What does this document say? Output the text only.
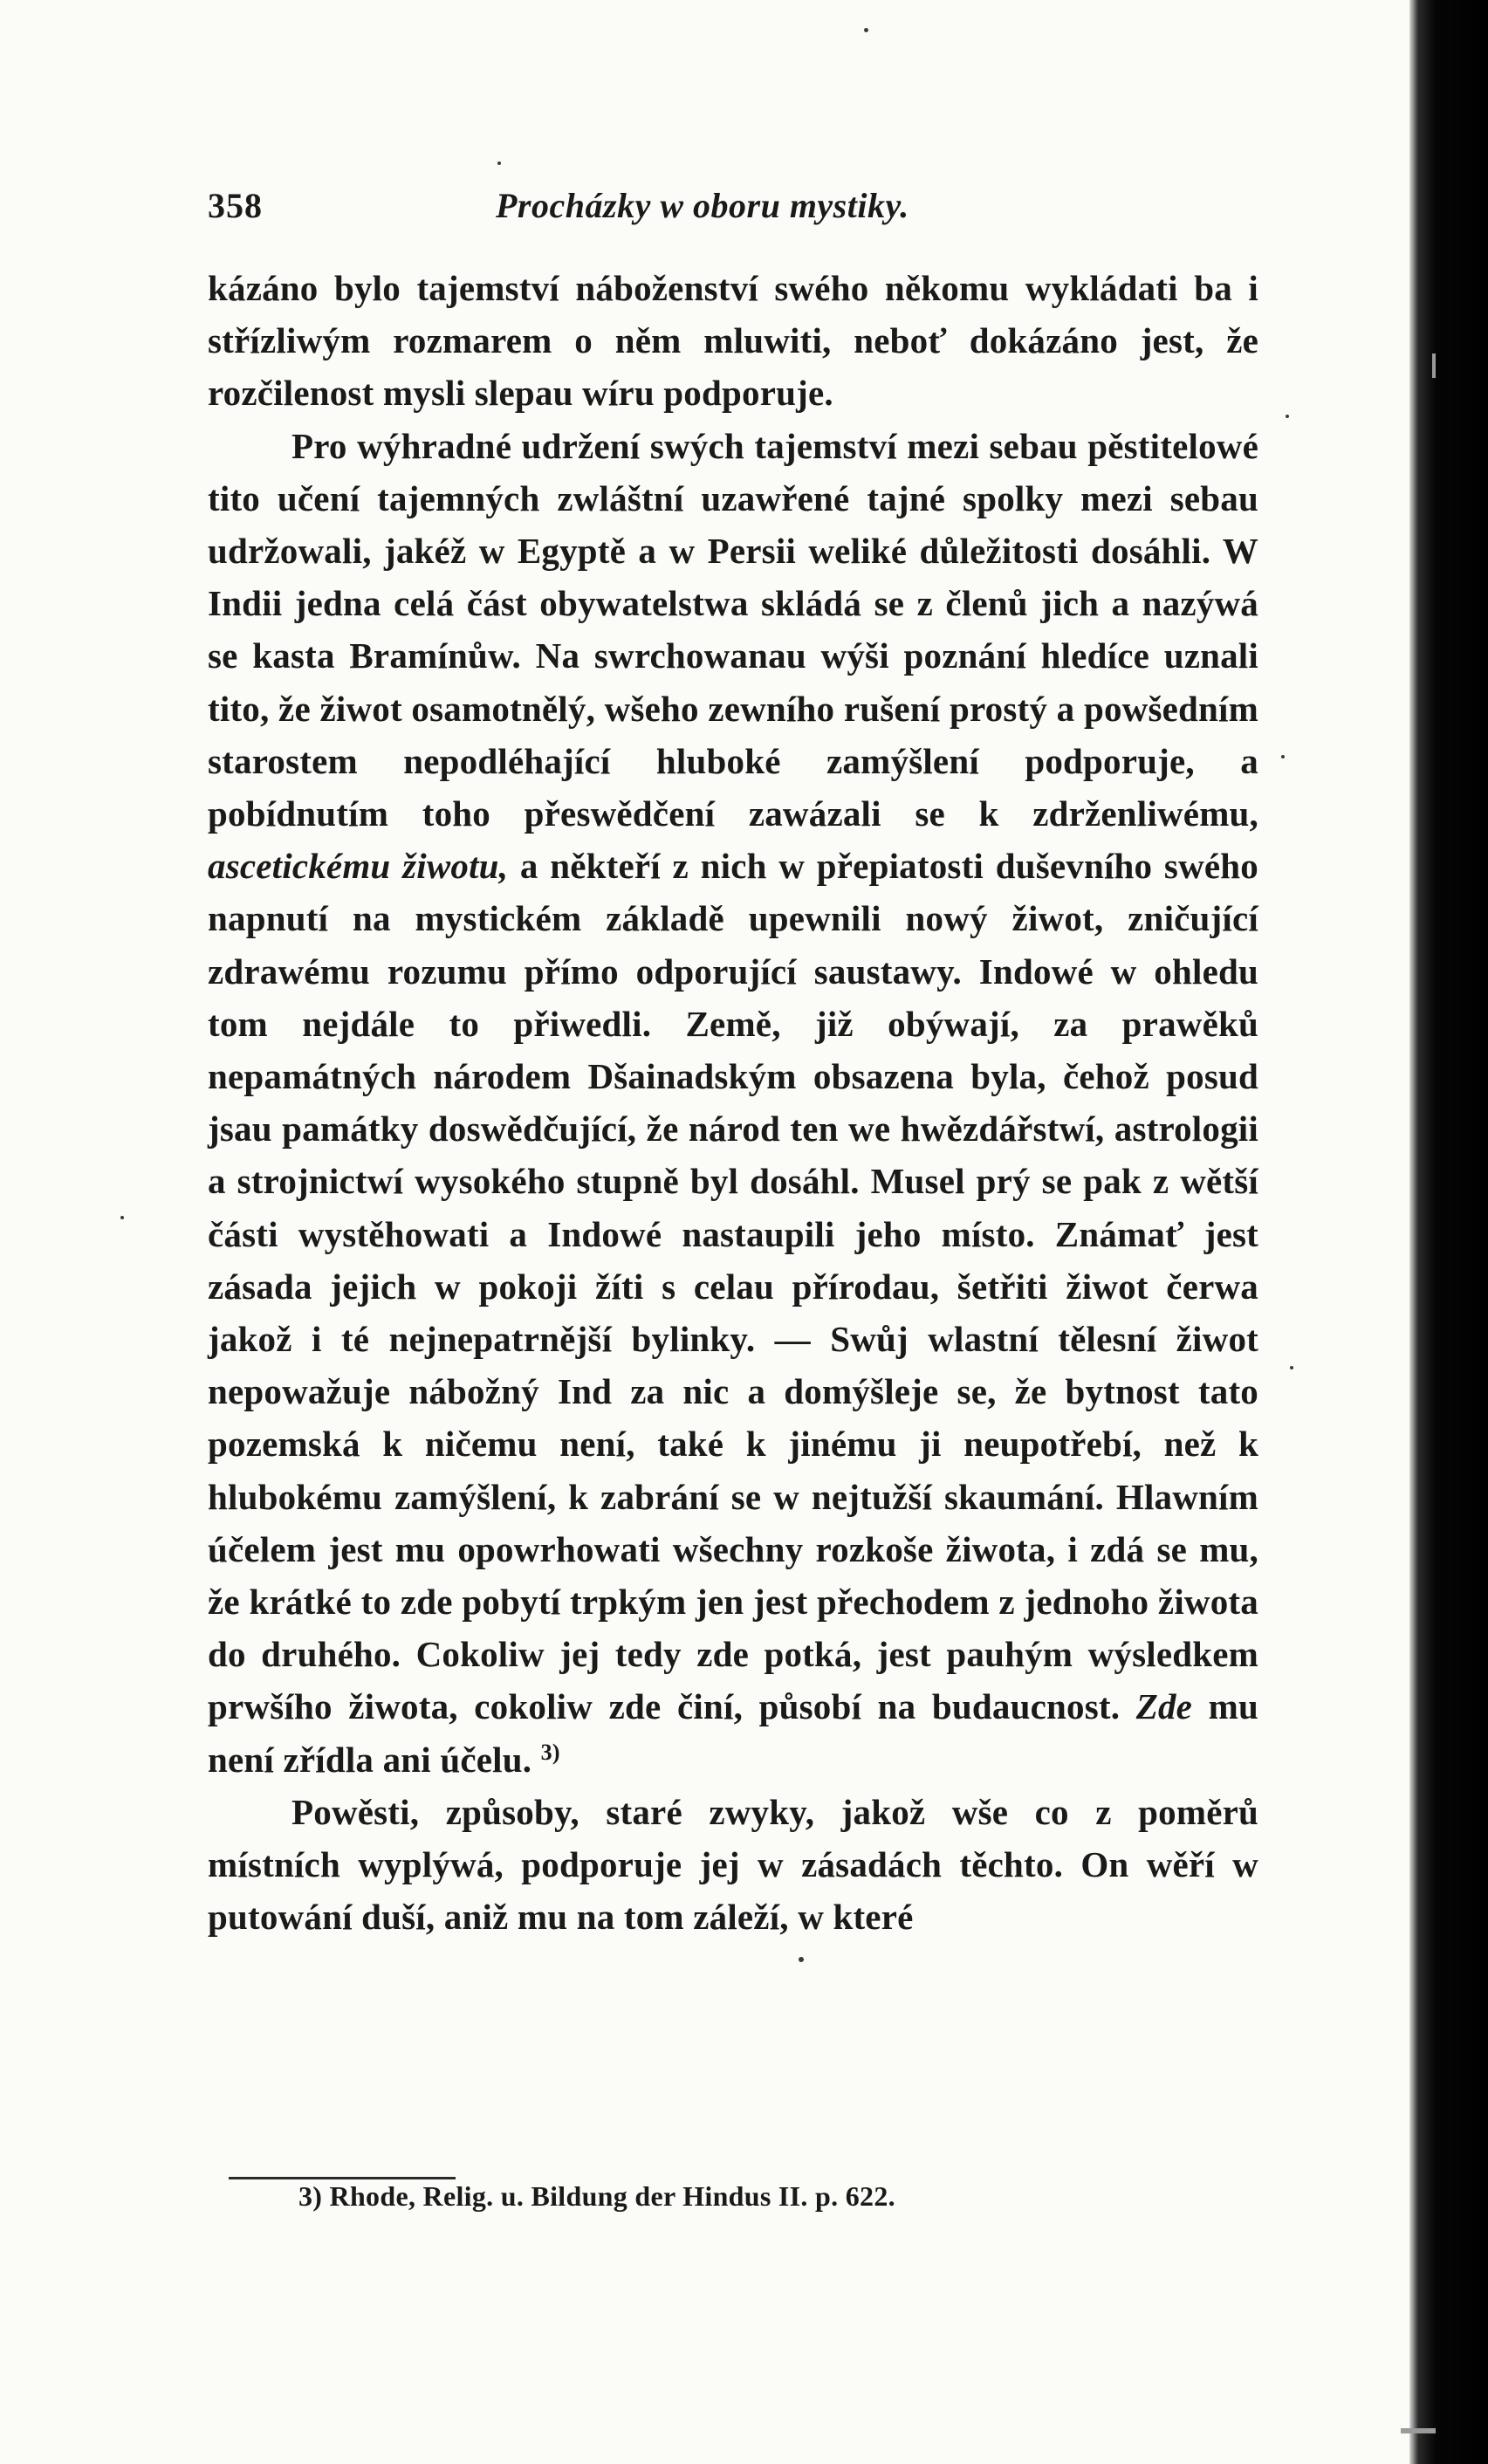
358	Procházky w oboru mystiky.

kázáno bylo tajemství náboženství swého někomu wykládati ba i střízliwým rozmarem o něm mluwiti, neboť dokázáno jest, že rozčilenost mysli slepau wíru podporuje.

Pro wýhradné udržení swých tajemství mezi sebau pěstitelowé tito učení tajemných zwláštní uzawřené tajné spolky mezi sebau udržowali, jakéž w Egyptě a w Persii weliké důležitosti dosáhli. W Indii jedna celá část obywatelstwa skládá se z členů jich a nazýwá se kasta Bramínůw. Na swrchowanau wýši poznání hledíce uznali tito, že žiwot osamotnělý, wšeho zewního rušení prostý a powšedním starostem nepodléhající hluboké zamýšlení podporuje, a pobídnutím toho přeswědčení zawázali se k zdrženliwému, ascetickému žiwotu, a někteří z nich w přepiatosti duševního swého napnutí na mystickém základě upewnili nowý žiwot, zničující zdrawému rozumu přímo odporující saustawy. Indowé w ohledu tom nejdále to přiwedli. Země, již obýwají, za prawěků nepamátných národem Dšainadským obsazena byla, čehož posud jsau památky doswědčující, že národ ten we hwězdářstwí, astrologii a strojnictwí wysokého stupně byl dosáhl. Musel prý se pak z wětší části wystěhowati a Indowé nastaupili jeho místo. Známať jest zásada jejich w pokoji žíti s celau přírodau, šetřiti žiwot čerwa jakož i té nejnepatrnější bylinky. — Swůj wlastní tělesní žiwot nepowažuje nábožný Ind za nic a domýšleje se, že bytnost tato pozemská k ničemu není, také k jinému ji neupotřebí, než k hlubokému zamýšlení, k zabrání se w nejtužší skaumání. Hlawním účelem jest mu opowrhowati wšechny rozkoše žiwota, i zdá se mu, že krátké to zde pobytí trpkým jen jest přechodem z jednoho žiwota do druhého. Cokoliw jej tedy zde potká, jest pauhým wýsledkem prwšího žiwota, cokoliw zde činí, působí na budaucnost. Zde mu není zřídla ani účelu. $^{3)}$

Powěsti, způsoby, staré zwyky, jakož wše co z poměrů místních wyplýwá, podporuje jej w zásadách těchto. On wěří w putowání duší, aniž mu na tom záleží, w které

3) Rhode, Relig. u. Bildung der Hindus II. p. 622.
